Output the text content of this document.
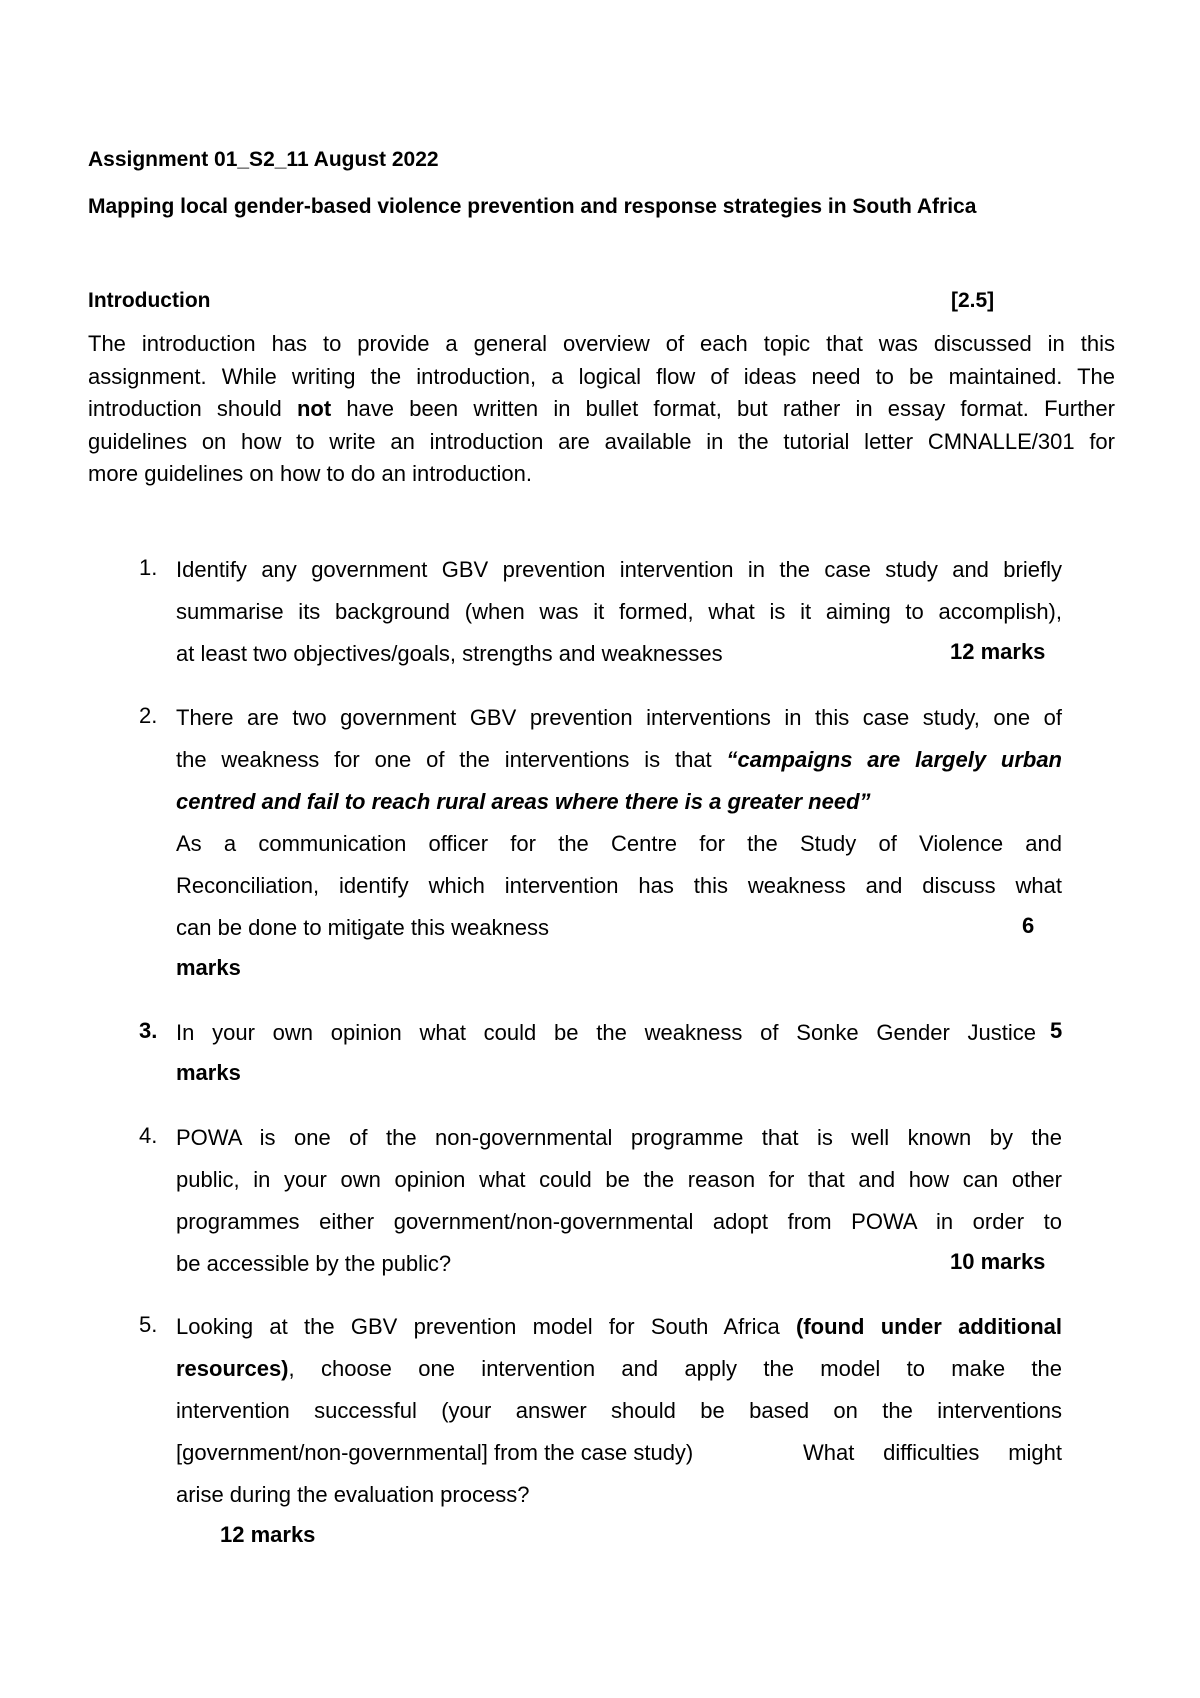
Assignment 01_S2_11 August 2022
Mapping local gender-based violence prevention and response strategies in South Africa
Introduction	[2.5]
The introduction has to provide a general overview of each topic that was discussed in this
assignment. While writing the introduction, a logical flow of ideas need to be maintained. The
introduction should not have been written in bullet format, but rather in essay format. Further
guidelines on how to write an introduction are available in the tutorial letter CMNALLE/301 for
more guidelines on how to do an introduction.
1. Identify any government GBV prevention intervention in the case study and briefly
summarise its background (when was it formed, what is it aiming to accomplish),
at least two objectives/goals, strengths and weaknesses	12 marks
2. There are two government GBV prevention interventions in this case study, one of
the weakness for one of the interventions is that “campaigns are largely urban
centred and fail to reach rural areas where there is a greater need”
As a communication officer for the Centre for the Study of Violence and
Reconciliation, identify which intervention has this weakness and discuss what
can be done to mitigate this weakness	6
marks
3. In your own opinion what could be the weakness of Sonke Gender Justice 5
marks
4. POWA is one of the non-governmental programme that is well known by the
public, in your own opinion what could be the reason for that and how can other
programmes either government/non-governmental adopt from POWA in order to
be accessible by the public?	10 marks
5. Looking at the GBV prevention model for South Africa (found under additional
resources), choose one intervention and apply the model to make the
intervention successful (your answer should be based on the interventions
[government/non-governmental] from the case study)	What difficulties might
arise during the evaluation process?
12 marks
